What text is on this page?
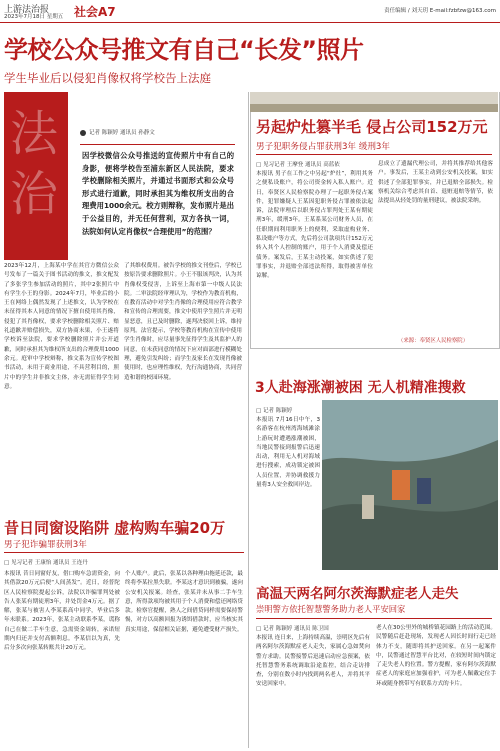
上游法治报
2023年7月18日 星期五 社会A7	责任编辑 / 刘天玥 E-mail:fzbfzw@163.com
学校公众号推文有自己“长发”照片
学生毕业后以侵犯肖像权将学校告上法庭
法
治
记者 陈颖婷 通讯员 孙静文
因学校微信公众号推送的宣传照片中有自己的身影，便将学校告至浦东新区人民法院，要求学校删除相关照片，并通过书面形式和公众号形式进行道歉，同时承担其为维权所支出的合理费用1000余元。校方则辩称，发布照片是出于公益目的，并无任何营利，双方各执一词，法院如何认定肖像权“合理使用”的范围？
2023年12月，上海某中学在其官方微信公众号发布了一篇关于图书活动的推文，推文配发了多张学生参加活动的照片，其中2张照片中有学生小王的身影。2024年7月，毕业后的小王在网络上偶然发现了上述推文，认为学校在未征得其本人同意的情况下擅自使用其肖像，侵犯了其肖像权，要求学校删除相关照片、赔礼道歉并赔偿损失，双方协商未果，小王遂将学校诉至法院，要求学校删除照片并公开道歉，同时承担其为维权所支出的合理费用1000余元。庭审中学校辩称，推文系为宣传学校图书活动，未用于商业用途，不具营利目的，照片中的学生并非推文主体，亦无需征得学生同意。
了其维权费用。被告学校的推文刊登后，学校已按原告要求删除照片。小王不服该判决，认为其肖像权受侵害，上诉至上海市第一中级人民法院。二审法院经审理认为，学校作为教育机构，在教育活动中对学生肖像的合理使用应符合教学和宣传的合理需要，推文中使用学生照片并无明显恶意，且已及时删除，遂判决驳回上诉，维持原判。法官提示，学校等教育机构在宣传中使用学生肖像时，应尽量事先征得学生及其监护人的同意，在未获同意的情况下应对面部进行模糊处理，避免引发纠纷；而学生及家长在发现肖像被使用时，也应理性维权，先行沟通协商，共同营造和谐的校园环境。
另起炉灶篡半毛 侵占公司152万元
男子犯职务侵占罪获刑3年 缓刑3年
□ 见习记者 王摩登 通讯员 高蓝依
本报讯 男子在工作之中另起“炉灶”，利用其务之便私设账户，将公司资金转入私人账户。近日，奉贤区人民检察院办理了一起职务侵占案件，犯罪嫌疑人王某因犯职务侵占罪被依法起诉，法院审理后以职务侵占罪判处王某有期徒刑3年，缓刑3年。王某系某公司财务人员，在任职期间利用职务上的便利，采取虚构业务、私设账户等方式，先后将公司款项共计152万元转入其个人控制的账户，用于个人消费及偿还债务。案发后，王某主动投案，如实供述了犯罪事实，并退赔全部违法所得，取得被害单位谅解。
息成立了遗漏代理公司，并将其推荐给其他客户。事发后，王某主动到公安机关投案，如实供述了全部犯罪事实，并已退赔全部损失。检察机关综合考虑其自首、退赃退赔等情节，依法提出从轻处罚的量刑建议，被法院采纳。
（来源：奉贤区人民检察院）
3人赴海涨潮被困 无人机精准搜救
□ 记者 陈颖婷
本报讯 7月16日中午，3名游客在杭州湾海域滩涂上游玩时遭遇涨潮被困，当地民警接到报警后迅速出动，利用无人机对海域进行搜索，成功锁定被困人员位置，并协调救援力量将3人安全救回岸边。
昔日同窗设陷阱 虚构购车骗20万
男子犯诈骗罪获刑3年
□ 见习记者 王康怡 通讯员 王连丹
本报讯 昔日同窗好友，借口购车急需资金，向其借款20万元后便“人间蒸发”。近日，经普陀区人民检察院提起公诉，法院以诈骗罪判处被告人张某有期徒刑3年，并处罚金4万元。据了解，张某与被害人李某系高中同学，毕业后多年未联系。2023年，张某主动联系李某，谎称自己在做二手车生意，急需资金周转，承诺短期内归还并支付高额利息。李某信以为真，先后分多次向张某转账共计20万元。
个人账户。此后，张某以各种理由拖延还款，最终将李某拉黑失联。李某这才意识到被骗，遂向公安机关报案。经查，张某并未从事二手车生意，所得款项均被其用于个人消费和偿还网络贷款。检察官提醒，熟人之间借贷同样需要保持警惕，对方以高额回报为诱饵借款时，应当核实其真实用途，保留相关证据，避免遭受财产损失。
高温天两名阿尔茨海默症老人走失
崇明警方依托智慧警务助力老人平安回家
□ 记者 陈颖婷 通讯员 陈卫国
本报讯 连日来，上海持续高温，崇明区先后有两名阿尔茨海默症老人走失，家属心急如焚向警方求助。民警接警后迅速启动应急预案，依托智慧警务系统调取沿途监控，结合走访排查，分别在数小时内找到两名老人，并将其平安送回家中。
老人在30公里外的城桥镇花园路上的活动范围。民警随后赶赴现场，发现老人因长时间行走已经体力不支，随即将其护送回家。在另一起案件中，民警通过智慧平台比对，在较短时间内锁定了走失老人的位置。警方提醒，家有阿尔茨海默症老人的家庭应加强看护，可为老人佩戴定位手环或随身携带写有联系方式的卡片。
